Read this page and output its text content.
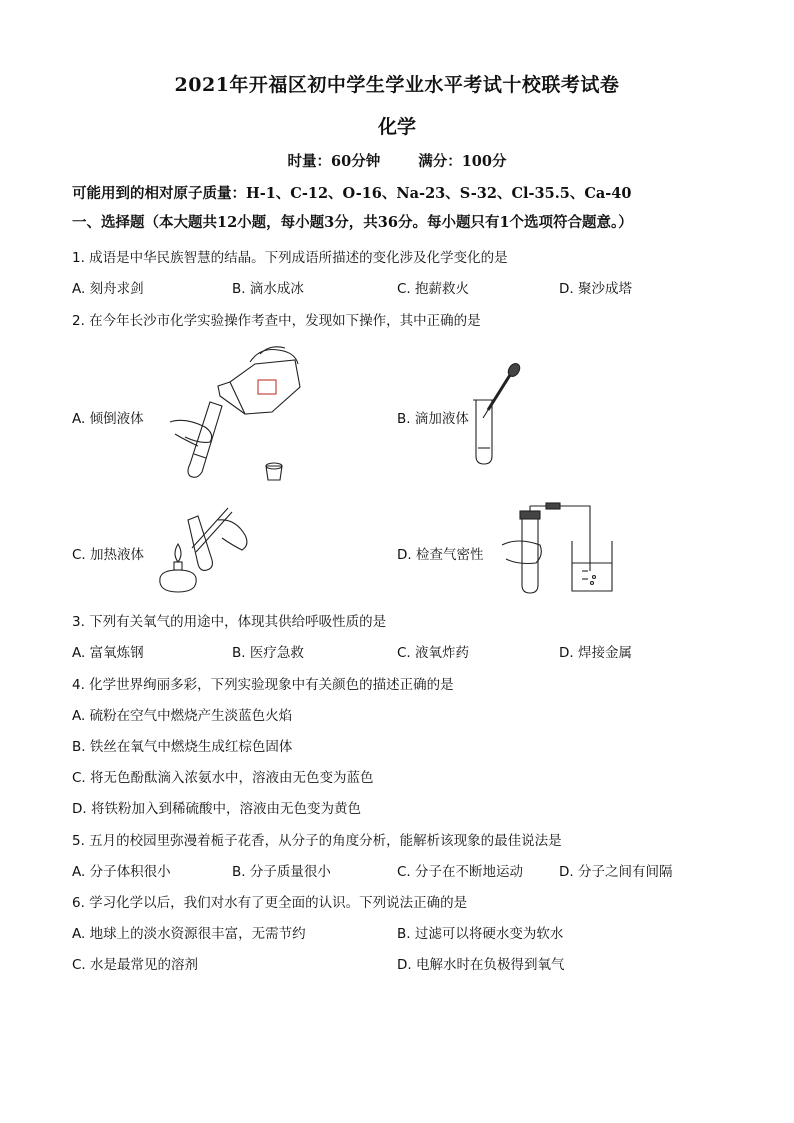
2021年开福区初中学生学业水平考试十校联考试卷
化学
时量：60分钟	满分：100分
可能用到的相对原子质量：H-1、C-12、O-16、Na-23、S-32、Cl-35.5、Ca-40
一、选择题（本大题共12小题，每小题3分，共36分。每小题只有1个选项符合题意。）
1. 成语是中华民族智慧的结晶。下列成语所描述的变化涉及化学变化的是
A. 刻舟求剑	B. 滴水成冰	C. 抱薪救火	D. 聚沙成塔
2. 在今年长沙市化学实验操作考查中，发现如下操作，其中正确的是
A. 倾倒液体	B. 滴加液体
C. 加热液体	D. 检查气密性
3. 下列有关氧气的用途中，体现其供给呼吸性质的是
A. 富氧炼钢	B. 医疗急救	C. 液氧炸药	D. 焊接金属
4. 化学世界绚丽多彩，下列实验现象中有关颜色的描述正确的是
A. 硫粉在空气中燃烧产生淡蓝色火焰
B. 铁丝在氧气中燃烧生成红棕色固体
C. 将无色酚酞滴入浓氨水中，溶液由无色变为蓝色
D. 将铁粉加入到稀硫酸中，溶液由无色变为黄色
5. 五月的校园里弥漫着栀子花香，从分子的角度分析，能解析该现象的最佳说法是
A. 分子体积很小	B. 分子质量很小	C. 分子在不断地运动	D. 分子之间有间隔
6. 学习化学以后，我们对水有了更全面的认识。下列说法正确的是
A. 地球上的淡水资源很丰富，无需节约	B. 过滤可以将硬水变为软水
C. 水是最常见的溶剂	D. 电解水时在负极得到氧气
